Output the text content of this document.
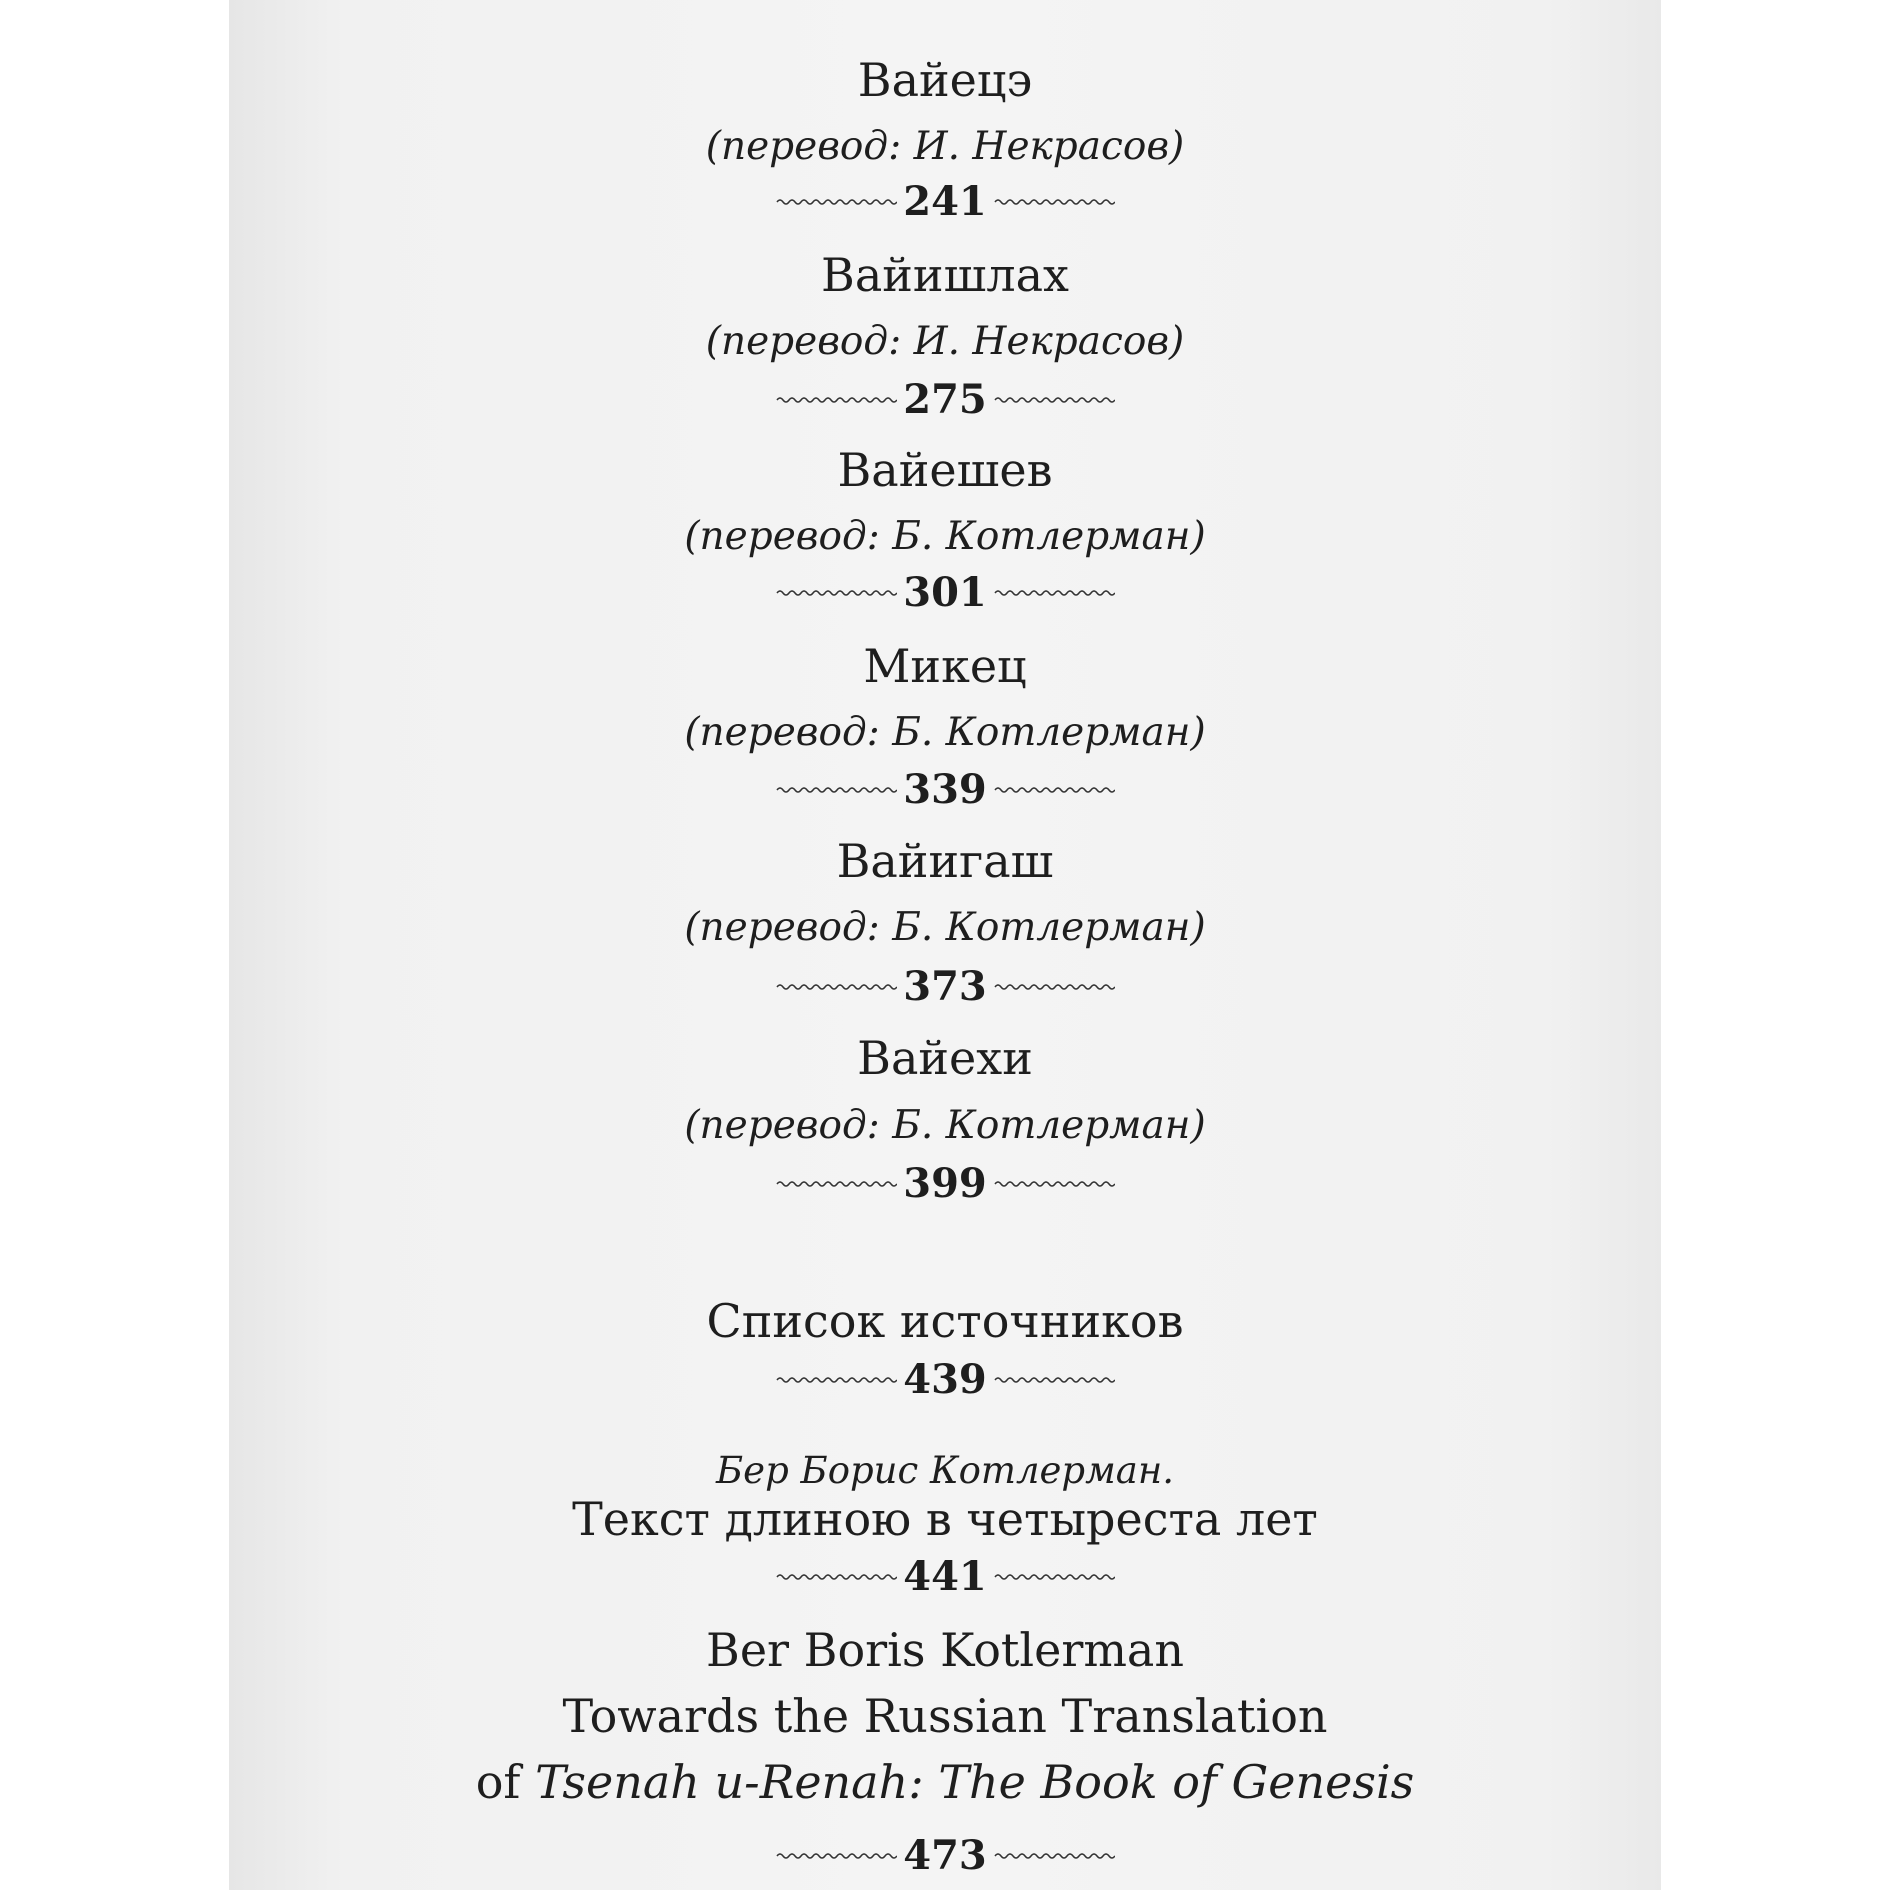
Вайецэ
(перевод: И. Некрасов)
241
Вайишлах
(перевод: И. Некрасов)
275
Вайешев
(перевод: Б. Котлерман)
301
Микец
(перевод: Б. Котлерман)
339
Вайигаш
(перевод: Б. Котлерман)
373
Вайехи
(перевод: Б. Котлерман)
399
Список источников
439
Бер Борис Котлерман.
Текст длиною в четыреста лет
441
Ber Boris Kotlerman
Towards the Russian Translation
of Tsenah u-Renah: The Book of Genesis
473
